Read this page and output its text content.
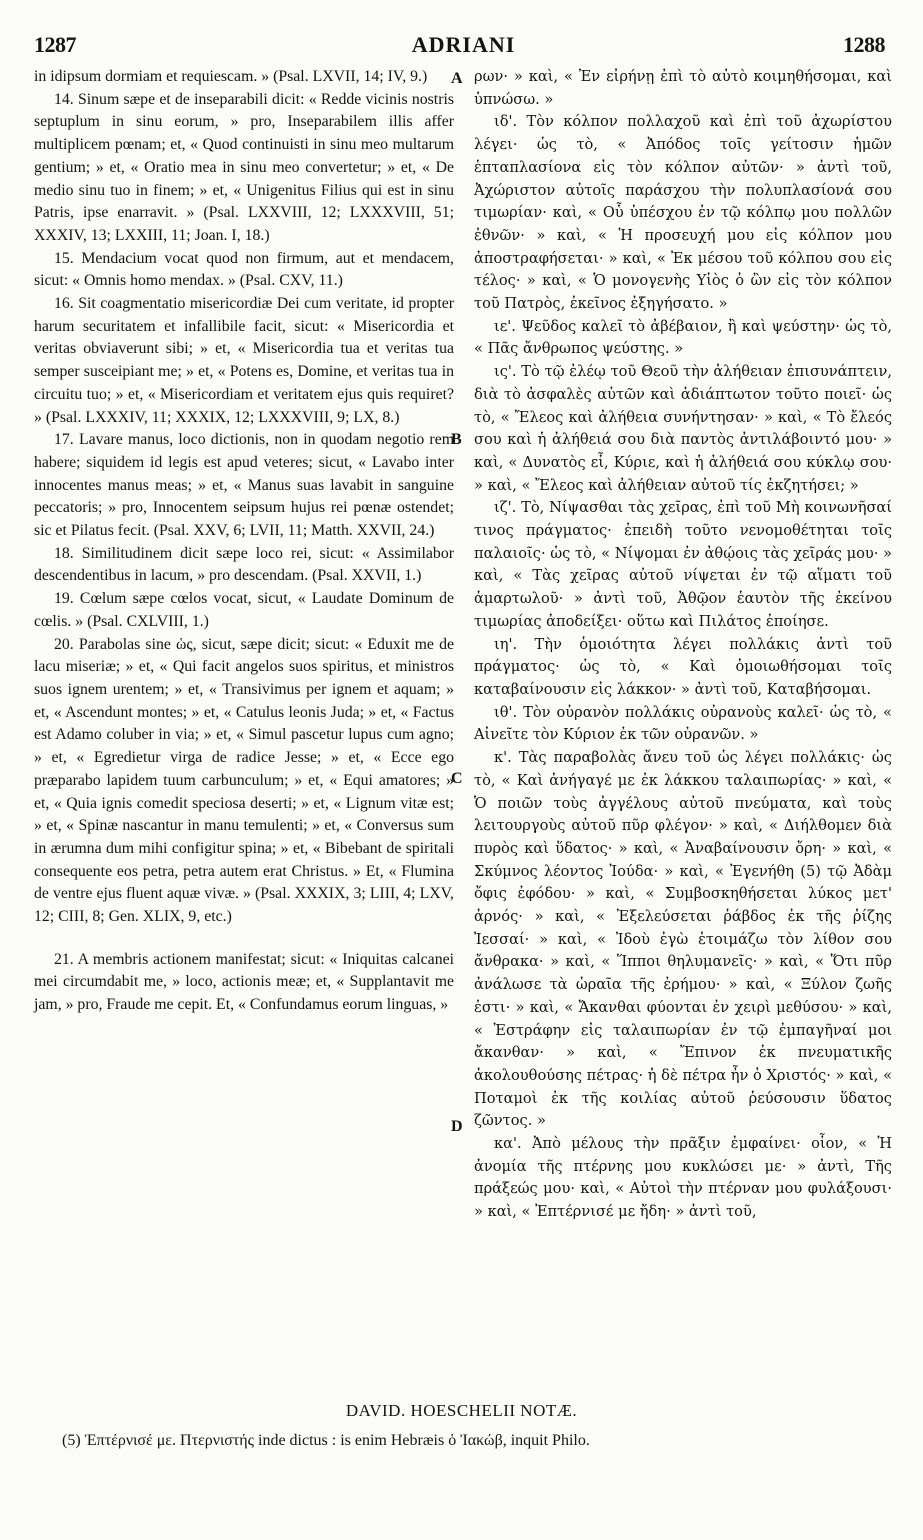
1287	ADRIANI	1288

in idipsum dormiam et requiescam. » (Psal. LXVII, 14; IV, 9.)

14. Sinum sæpe et de inseparabili dicit: « Redde vicinis nostris septuplum in sinu eorum, » pro, Inseparabilem illis affer multiplicem pœnam; et, « Quod continuisti in sinu meo multarum gentium; » et, « Oratio mea in sinu meo convertetur; » et, « De medio sinu tuo in finem; » et, « Unigenitus Filius qui est in sinu Patris, ipse enarravit. » (Psal. LXXVIII, 12; LXXXVIII, 51; XXXIV, 13; LXXIII, 11; Joan. I, 18.)

15. Mendacium vocat quod non firmum, aut et mendacem, sicut: « Omnis homo mendax. » (Psal. CXV, 11.)

16. Sit coagmentatio misericordiæ Dei cum veritate, id propter harum securitatem et infallibile facit, sicut: « Misericordia et veritas obviaverunt sibi; » et, « Misericordia tua et veritas tua semper susceipiant me; » et, « Potens es, Domine, et veritas tua in circuitu tuo; » et, « Misericordiam et veritatem ejus quis requiret? » (Psal. LXXXIV, 11; XXXIX, 12; LXXXVIII, 9; LX, 8.)

17. Lavare manus, loco dictionis, non in quodam negotio rem habere; siquidem id legis est apud veteres; sicut, « Lavabo inter innocentes manus meas; » et, « Manus suas lavabit in sanguine peccatoris; » pro, Innocentem seipsum hujus rei pœnæ ostendet; sic et Pilatus fecit. (Psal. XXV, 6; LVII, 11; Matth. XXVII, 24.)

18. Similitudinem dicit sæpe loco rei, sicut: « Assimilabor descendentibus in lacum, » pro descendam. (Psal. XXVII, 1.)

19. Cœlum sæpe cœlos vocat, sicut, « Laudate Dominum de cœlis. » (Psal. CXLVIII, 1.)

20. Parabolas sine ὡς, sicut, sæpe dicit; sicut: « Eduxit me de lacu miseriæ; » et, « Qui facit angelos suos spiritus, et ministros suos ignem urentem; » et, « Transivimus per ignem et aquam; » et, « Ascendunt montes; » et, « Catulus leonis Juda; » et, « Factus est Adamo coluber in via; » et, « Simul pascetur lupus cum agno; » et, « Egredietur virga de radice Jesse; » et, « Ecce ego præparabo lapidem tuum carbunculum; » et, « Equi amatores; » et, « Quia ignis comedit speciosa deserti; » et, « Lignum vitæ est; » et, « Spinæ nascantur in manu temulenti; » et, « Conversus sum in ærumna dum mihi configitur spina; » et, « Bibebant de spiritali consequente eos petra, petra autem erat Christus. » Et, « Flumina de ventre ejus fluent aquæ vivæ. » (Psal. XXXIX, 3; LIII, 4; LXV, 12; CIII, 8; Gen. XLIX, 9, etc.)

21. A membris actionem manifestat; sicut: « Iniquitas calcanei mei circumdabit me, » loco, actionis meæ; et, « Supplantavit me jam, » pro, Fraude me cepit. Et, « Confundamus eorum linguas, »

A
B
C
D

ρων· » καὶ, « Ἐν εἰρήνῃ ἐπὶ τὸ αὐτὸ κοιμηθήσομαι, καὶ ὑπνώσω. »

ιδ'. Τὸν κόλπον πολλαχοῦ καὶ ἐπὶ τοῦ ἀχωρίστου λέγει· ὡς τὸ, « Ἀπόδος τοῖς γείτοσιν ἡμῶν ἑπταπλασίονα εἰς τὸν κόλπον αὐτῶν· » ἀντὶ τοῦ, Ἀχώριστον αὐτοῖς παράσχου τὴν πολυπλασίονά σου τιμωρίαν· καὶ, « Οὗ ὑπέσχου ἐν τῷ κόλπῳ μου πολλῶν ἐθνῶν· » καὶ, « Ἡ προσευχή μου εἰς κόλπον μου ἀποστραφήσεται· » καὶ, « Ἐκ μέσου τοῦ κόλπου σου εἰς τέλος· » καὶ, « Ὁ μονογενὴς Υἱὸς ὁ ὢν εἰς τὸν κόλπον τοῦ Πατρὸς, ἐκεῖνος ἐξηγήσατο. »

ιε'. Ψεῦδος καλεῖ τὸ ἀβέβαιον, ἢ καὶ ψεύστην· ὡς τὸ, « Πᾶς ἄνθρωπος ψεύστης. »

ις'. Τὸ τῷ ἐλέῳ τοῦ Θεοῦ τὴν ἀλήθειαν ἐπισυνάπτειν, διὰ τὸ ἀσφαλὲς αὐτῶν καὶ ἀδιάπτωτον τοῦτο ποιεῖ· ὡς τὸ, « Ἔλεος καὶ ἀλήθεια συνήντησαν· » καὶ, « Τὸ ἔλεός σου καὶ ἡ ἀλήθειά σου διὰ παντὸς ἀντιλάβοιντό μου· » καὶ, « Δυνατὸς εἶ, Κύριε, καὶ ἡ ἀλήθειά σου κύκλῳ σου· » καὶ, « Ἔλεος καὶ ἀλήθειαν αὐτοῦ τίς ἐκζητήσει; »

ιζ'. Τὸ, Νίψασθαι τὰς χεῖρας, ἐπὶ τοῦ Μὴ κοινωνῆσαί τινος πράγματος· ἐπειδὴ τοῦτο νενομοθέτηται τοῖς παλαιοῖς· ὡς τὸ, « Νίψομαι ἐν ἀθῴοις τὰς χεῖράς μου· » καὶ, « Τὰς χεῖρας αὐτοῦ νίψεται ἐν τῷ αἵματι τοῦ ἁμαρτωλοῦ· » ἀντὶ τοῦ, Ἀθῷον ἑαυτὸν τῆς ἐκείνου τιμωρίας ἀποδείξει· οὕτω καὶ Πιλάτος ἐποίησε.

ιη'. Τὴν ὁμοιότητα λέγει πολλάκις ἀντὶ τοῦ πράγματος· ὡς τὸ, « Καὶ ὁμοιωθήσομαι τοῖς καταβαίνουσιν εἰς λάκκον· » ἀντὶ τοῦ, Καταβήσομαι.

ιθ'. Τὸν οὐρανὸν πολλάκις οὐρανοὺς καλεῖ· ὡς τὸ, « Αἰνεῖτε τὸν Κύριον ἐκ τῶν οὐρανῶν. »

κ'. Τὰς παραβολὰς ἄνευ τοῦ ὡς λέγει πολλάκις· ὡς τὸ, « Καὶ ἀνήγαγέ με ἐκ λάκκου ταλαιπωρίας· » καὶ, « Ὁ ποιῶν τοὺς ἀγγέλους αὐτοῦ πνεύματα, καὶ τοὺς λειτουργοὺς αὐτοῦ πῦρ φλέγον· » καὶ, « Διήλθομεν διὰ πυρὸς καὶ ὕδατος· » καὶ, « Ἀναβαίνουσιν ὄρη· » καὶ, « Σκύμνος λέοντος Ἰούδα· » καὶ, « Ἐγενήθη (5) τῷ Ἀδὰμ ὄφις ἐφόδου· » καὶ, « Συμβοσκηθήσεται λύκος μετ' ἀρνός· » καὶ, « Ἐξελεύσεται ῥάβδος ἐκ τῆς ῥίζης Ἰεσσαί· » καὶ, « Ἰδοὺ ἐγὼ ἑτοιμάζω τὸν λίθον σου ἄνθρακα· » καὶ, « Ἵπποι θηλυμανεῖς· » καὶ, « Ὅτι πῦρ ἀνάλωσε τὰ ὡραῖα τῆς ἐρήμου· » καὶ, « Ξύλον ζωῆς ἐστι· » καὶ, « Ἄκανθαι φύονται ἐν χειρὶ μεθύσου· » καὶ, « Ἐστράφην εἰς ταλαιπωρίαν ἐν τῷ ἐμπαγῆναί μοι ἄκανθαν· » καὶ, « Ἔπινον ἐκ πνευματικῆς ἀκολουθούσης πέτρας· ἡ δὲ πέτρα ἦν ὁ Χριστός· » καὶ, « Ποταμοὶ ἐκ τῆς κοιλίας αὐτοῦ ῥεύσουσιν ὕδατος ζῶντος. »

κα'. Ἀπὸ μέλους τὴν πρᾶξιν ἐμφαίνει· οἷον, « Ἡ ἀνομία τῆς πτέρνης μου κυκλώσει με· » ἀντὶ, Τῆς πράξεώς μου· καὶ, « Αὐτοὶ τὴν πτέρναν μου φυλάξουσι· » καὶ, « Ἐπτέρνισέ με ἤδη· » ἀντὶ τοῦ,

DAVID. HOESCHELII NOTÆ.
(5) Ἐπτέρνισέ με. Πτερνιστής inde dictus : is enim Hebræis ὁ Ἰακώβ, inquit Philo.
